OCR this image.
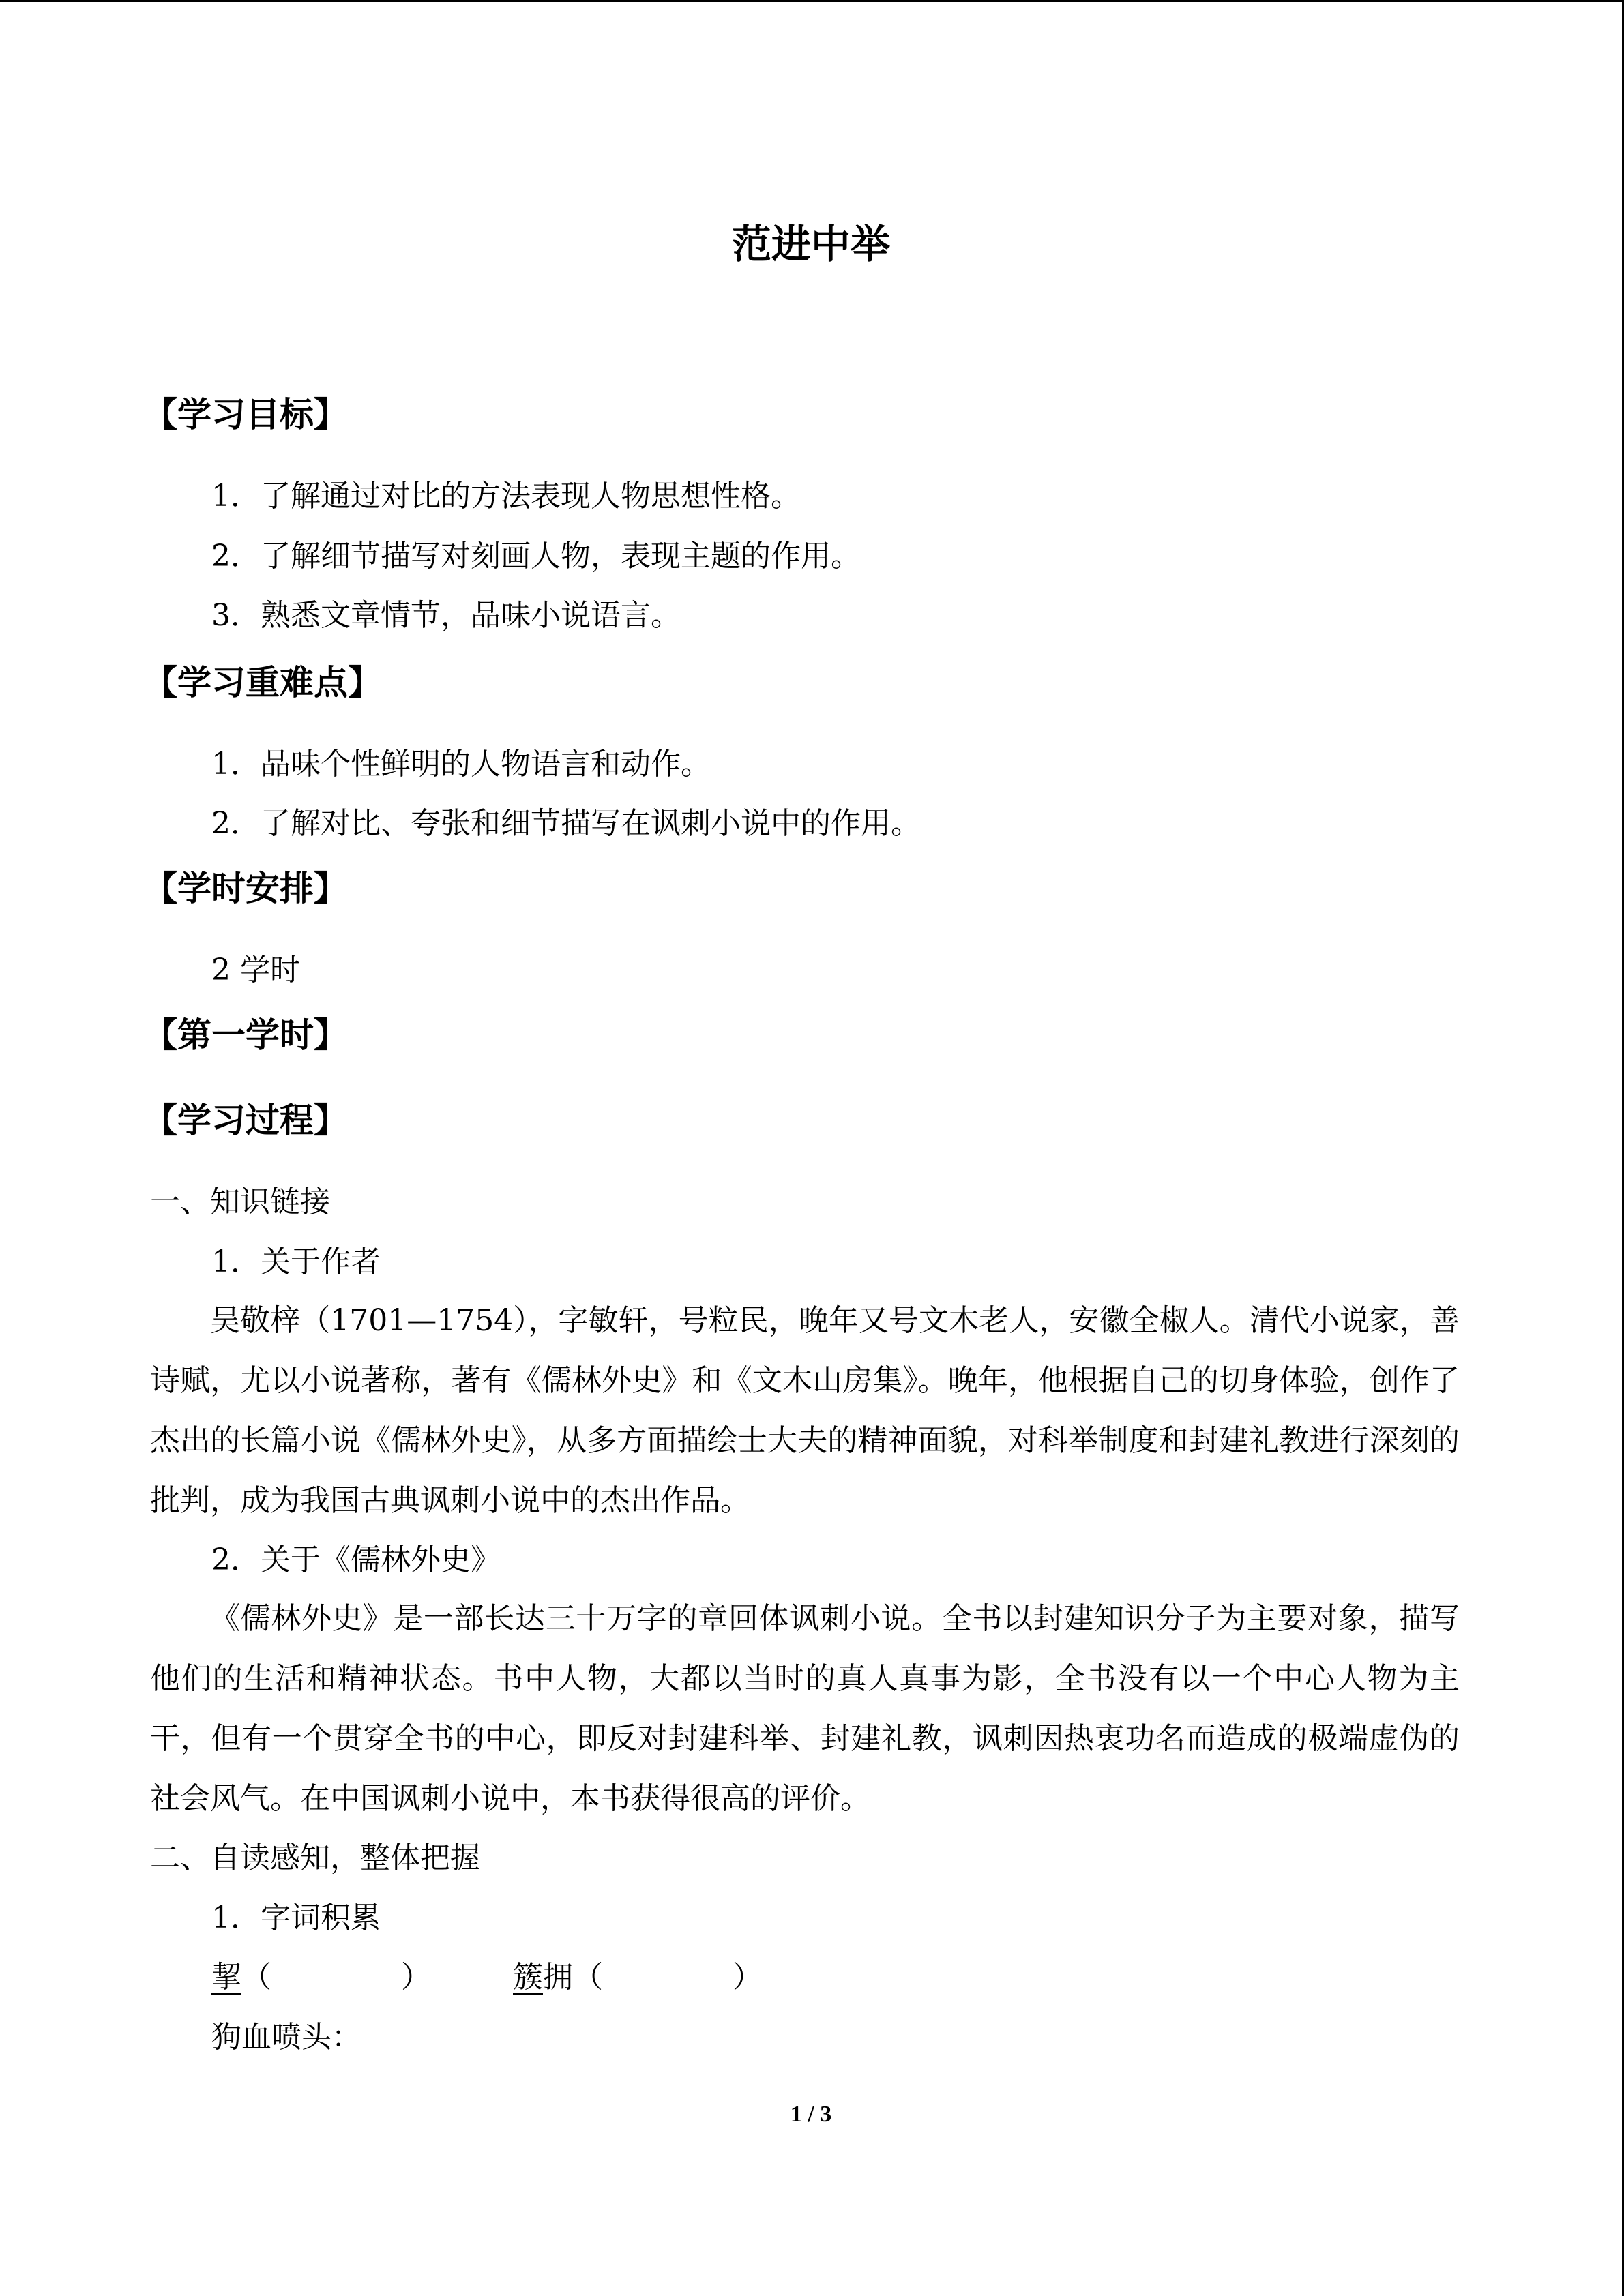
范进中举
【学习目标】

1．了解通过对比的方法表现人物思想性格。

2．了解细节描写对刻画人物，表现主题的作用。

3．熟悉文章情节，品味小说语言。

【学习重难点】

1．品味个性鲜明的人物语言和动作。

2．了解对比、夸张和细节描写在讽刺小说中的作用。

【学时安排】

2 学时

【第一学时】
【学习过程】

一、知识链接

1．关于作者

吴敬梓（1701—1754），字敏轩，号粒民，晚年又号文木老人，安徽全椒人。清代小说家，善诗赋，尤以小说著称，著有《儒林外史》和《文木山房集》。晚年，他根据自己的切身体验，创作了杰出的长篇小说《儒林外史》，从多方面描绘士大夫的精神面貌，对科举制度和封建礼教进行深刻的批判，成为我国古典讽刺小说中的杰出作品。

2．关于《儒林外史》

《儒林外史》是一部长达三十万字的章回体讽刺小说。全书以封建知识分子为主要对象，描写他们的生活和精神状态。书中人物，大都以当时的真人真事为影，全书没有以一个中心人物为主干，但有一个贯穿全书的中心，即反对封建科举、封建礼教，讽刺因热衷功名而造成的极端虚伪的社会风气。在中国讽刺小说中，本书获得很高的评价。

二、自读感知，整体把握

1．字词积累

挈（	）	簇拥（	）

狗血喷头：

1 / 3
